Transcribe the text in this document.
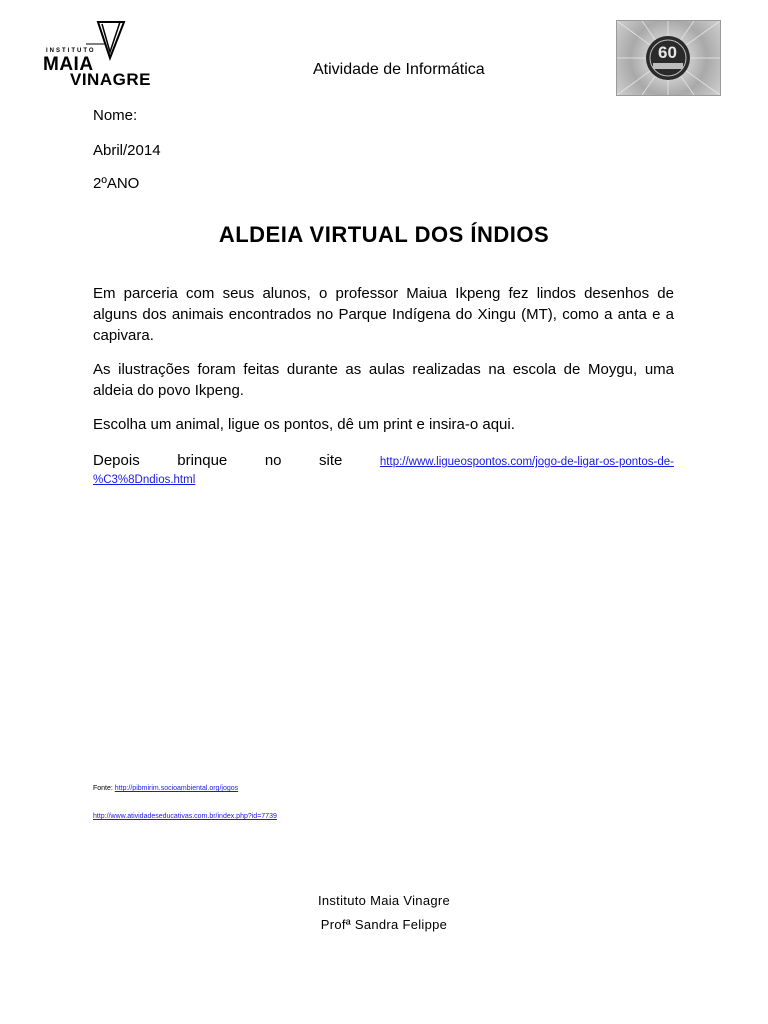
INSTITUTO
MAIA
VINAGRE
60
Atividade de Informática
Nome:
Abril/2014
2ºANO
ALDEIA VIRTUAL DOS ÍNDIOS
Em parceria com seus alunos, o professor Maiua Ikpeng fez lindos desenhos de alguns dos animais encontrados no Parque Indígena do Xingu (MT), como a anta e a capivara.
As ilustrações foram feitas durante as aulas realizadas na escola de Moygu, uma aldeia do povo Ikpeng.
Escolha um animal, ligue os pontos, dê um print e insira-o aqui.
Depois	brinque	no	site	http://www.ligueospontos.com/jogo-de-ligar-os-pontos-de-
%C3%8Dndios.html
Fonte: http://pibmirim.socioambiental.org/jogos
http://www.atividadeseducativas.com.br/index.php?id=7739
Instituto Maia Vinagre
Profª Sandra Felippe
